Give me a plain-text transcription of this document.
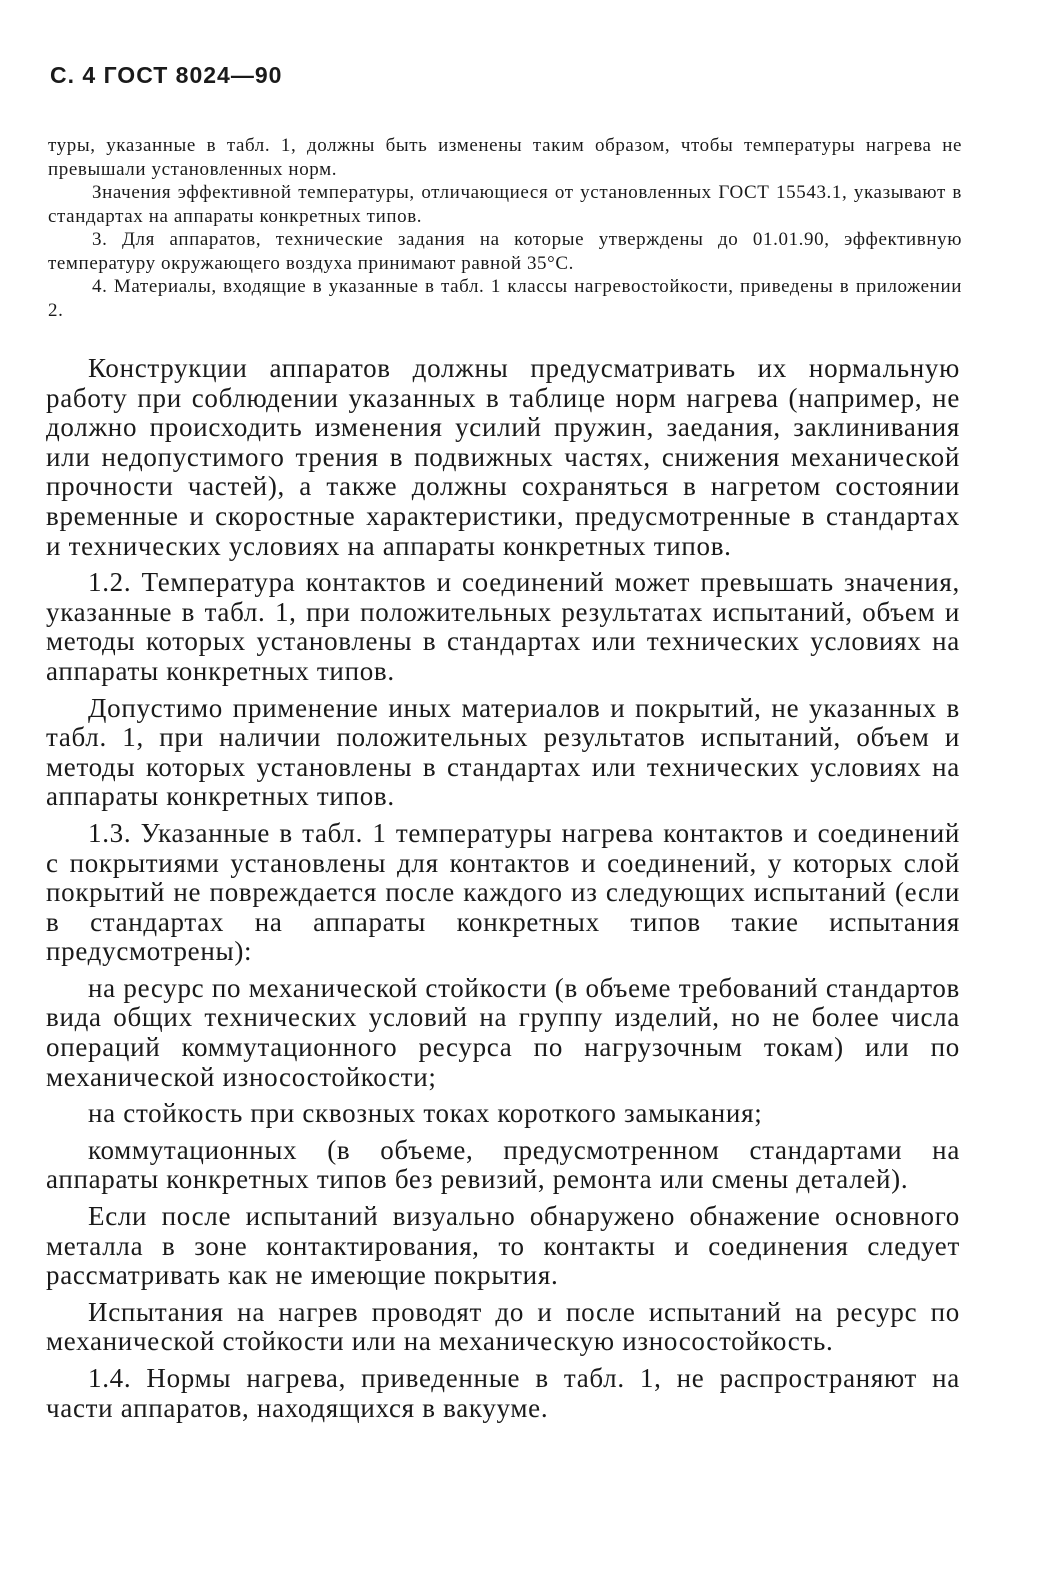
С. 4 ГОСТ 8024—90

туры, указанные в табл. 1, должны быть изменены таким образом, чтобы температуры нагрева не превышали установленных норм.

Значения эффективной температуры, отличающиеся от установленных ГОСТ 15543.1, указывают в стандартах на аппараты конкретных типов.

3. Для аппаратов, технические задания на которые утверждены до 01.01.90, эффективную температуру окружающего воздуха принимают равной 35°С.

4. Материалы, входящие в указанные в табл. 1 классы нагревостойкости, приведены в приложении 2.

Конструкции аппаратов должны предусматривать их нормальную работу при соблюдении указанных в таблице норм нагрева (например, не должно происходить изменения усилий пружин, заедания, заклинивания или недопустимого трения в подвижных частях, снижения механической прочности частей), а также должны сохраняться в нагретом состоянии временные и скоростные характеристики, предусмотренные в стандартах и технических условиях на аппараты конкретных типов.

1.2. Температура контактов и соединений может превышать значения, указанные в табл. 1, при положительных результатах испытаний, объем и методы которых установлены в стандартах или технических условиях на аппараты конкретных типов.

Допустимо применение иных материалов и покрытий, не указанных в табл. 1, при наличии положительных результатов испытаний, объем и методы которых установлены в стандартах или технических условиях на аппараты конкретных типов.

1.3. Указанные в табл. 1 температуры нагрева контактов и соединений с покрытиями установлены для контактов и соединений, у которых слой покрытий не повреждается после каждого из следующих испытаний (если в стандартах на аппараты конкретных типов такие испытания предусмотрены):

на ресурс по механической стойкости (в объеме требований стандартов вида общих технических условий на группу изделий, но не более числа операций коммутационного ресурса по нагрузочным токам) или по механической износостойкости;

на стойкость при сквозных токах короткого замыкания;

коммутационных (в объеме, предусмотренном стандартами на аппараты конкретных типов без ревизий, ремонта или смены деталей).

Если после испытаний визуально обнаружено обнажение основного металла в зоне контактирования, то контакты и соединения следует рассматривать как не имеющие покрытия.

Испытания на нагрев проводят до и после испытаний на ресурс по механической стойкости или на механическую износостойкость.

1.4. Нормы нагрева, приведенные в табл. 1, не распространяют на части аппаратов, находящихся в вакууме.
